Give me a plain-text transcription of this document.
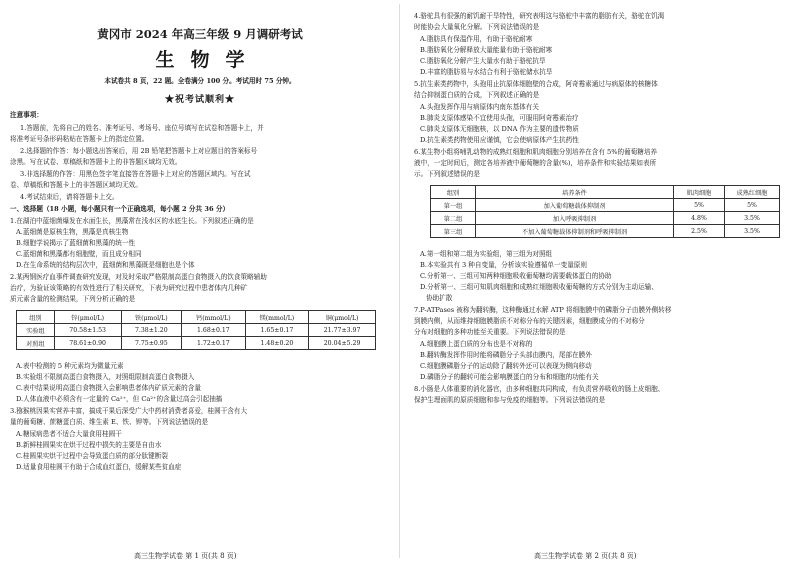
黄冈市 2024 年高三年级 9 月调研考试
生物学
本试卷共 8 页，22 题。全卷满分 100 分。考试用时 75 分钟。
★祝考试顺利★
注意事项：
1.答题前，先将自己的姓名、准考证号、考场号、座位号填写在试卷和答题卡上，并
将准考证号条形码粘贴在答题卡上的指定位置。
2.选择题的作答：每小题选出答案后，用 2B 铅笔把答题卡上对应题目的答案标号
涂黑。写在试卷、草稿纸和答题卡上的非答题区域均无效。
3.非选择题的作答：用黑色签字笔直接答在答题卡上对应的答题区域内。写在试
卷、草稿纸和答题卡上的非答题区域均无效。
4.考试结束后，请将答题卡上交。
一、选择题（18 小题，每小题只有一个正确选项，每小题 2 分共 36 分）
1.在湖泊中蓝细菌爆发在水面生长，黑藻常在浅水区的水底生长。下列叙述正确的是
A.蓝细菌是原核生物，黑藻是真核生物
B.细胞学说揭示了蓝细菌和黑藻的统一性
C.蓝细菌和黑藻都有细胞壁，而且成分相同
D.在生命系统的结构层次中，蓝细菌和黑藻既是细胞也是个体
2.某两钢医疗血事件调查研究发现，对及时采取严格限制高蛋白食物摄入的饮食策略辅助
治疗，为验证该策略的有效性进行了相关研究，下表为研究过程中患者体内几种矿
质元素含量的检测结果，下列分析正确的是
组别	锌(μmol/L)	铁(μmol/L)	钙(mmol/L)	镁(mmol/L)	铜(μmol/L)
实验组	70.58±1.53	7.38±1.20	1.68±0.17	1.65±0.17	21.77±3.97
对照组	78.61±0.90	7.75±0.95	1.72±0.17	1.48±0.20	20.04±5.29
A.表中检测的 5 种元素均为微量元素
B.实验组不限制高蛋白食物摄入，对照组限制高蛋白食物摄入
C.表中结果说明高蛋白食物摄入会影响患者体内矿质元素的含量
D.人体血液中必须含有一定量的 Ca²⁺，但 Ca²⁺的含量过高会引起抽搐
3.猕猴桃因果实营养丰富，搞成干果后深受广大中药材消费者喜爱，桂圆干含有大
量的葡萄糖、蔗糖蛋白质、维生素 E、铁、钾等。下列说法错误的是
A.糖尿病患者不适合大量食用桂圆干
B.新鲜桂圆果实在烘干过程中损失的主要是自由水
C.桂圆果实烘干过程中会导致蛋白质的部分肽键断裂
D.适量食用桂圆干有助于合成血红蛋白，缓解某些贫血症
高三生物学试卷 第 1 页(共 8 页)
4.骆驼具有很强的耐饥耐干旱特性，研究表明这与骆驼中丰富的脂肪有关，骆驼在饥渴
时能协会大量氧化分解。下列说法错误的是
A.脂肪具有保温作用，有助于骆驼耐寒
B.脂肪氧化分解释放大量能量有助于骆驼耐寒
C.脂肪氧化分解产生大量水有助于骆驼抗旱
D.丰富的脂肪易与水结合有利于骆驼储水抗旱
5.抗生素类药物中，头孢用止抗原体细胞壁的合成，阿奇霉素通过与病原体的核糖体
结合抑制蛋白质的合成，下列叙述正确的是
A.头孢发挥作用与病原体内南东基体有关
B.肺炎支原体感染不宜使用头孢，可服用阿奇霉素治疗
C.肺炎支原体无细胞核，以 DNA 作为主要的遗传物质
D.抗生素类药物使用应谨慎，它会使病原体产生抗药性
6.某生物小组将哺乳动物的成熟红细胞和肌肉细胞分别培养在含有 5%的葡萄糖培养
液中，一定时间后，测定各培养液中葡萄糖的含量(%)，培养条件和实验结果如表所
示。下列叙述错误的是
组别	培养条件	肌肉细胞	成熟红细胞
第一组	加入葡萄糖载体抑制剂	5%	5%
第二组	加入呼吸抑制剂	4.8%	3.5%
第三组	不加入葡萄糖载体抑制剂和呼吸抑制剂	2.5%	3.5%
A.第一组和第二组为实验组，第三组为对照组
B.本实验共有 3 种自变量，分析该实验遵循单一变量原则
C.分析第一、三组可知两种细胞吸收葡萄糖均需要载体蛋白的协助
D.分析第一、三组可知肌肉细胞和成熟红细胞吸收葡萄糖的方式分别为主动运输、
协助扩散
7.P-ATPases 被称为翻转酶，这种酶通过水解 ATP 将细胞膜中的磷脂分子由膜外侧转移
到膜内侧，从而维持细胞膜脂质不对称分布的关键因素，细胞膜成分的不对称分
分布对细胞的多种功能至关重要。下列说法错误的是
A.细胞膜上蛋白质的分布也是不对称的
B.翻转酶发挥作用时能将磷脂分子头部由膜内，尾部在膜外
C.细胞膜磷脂分子的运动除了翻转外还可以表现为侧向移动
D.磷脂分子的翻转可能会影响膜蛋白的分布和细胞的功能有关
8.小肠是人体重要的消化器官，由多种细胞共同构成，有负责营养吸收的肠上皮细胞、
保护生理面肌的原质细胞和参与免疫的细胞等。下列说法错误的是
高三生物学试卷 第 2 页(共 8 页)
